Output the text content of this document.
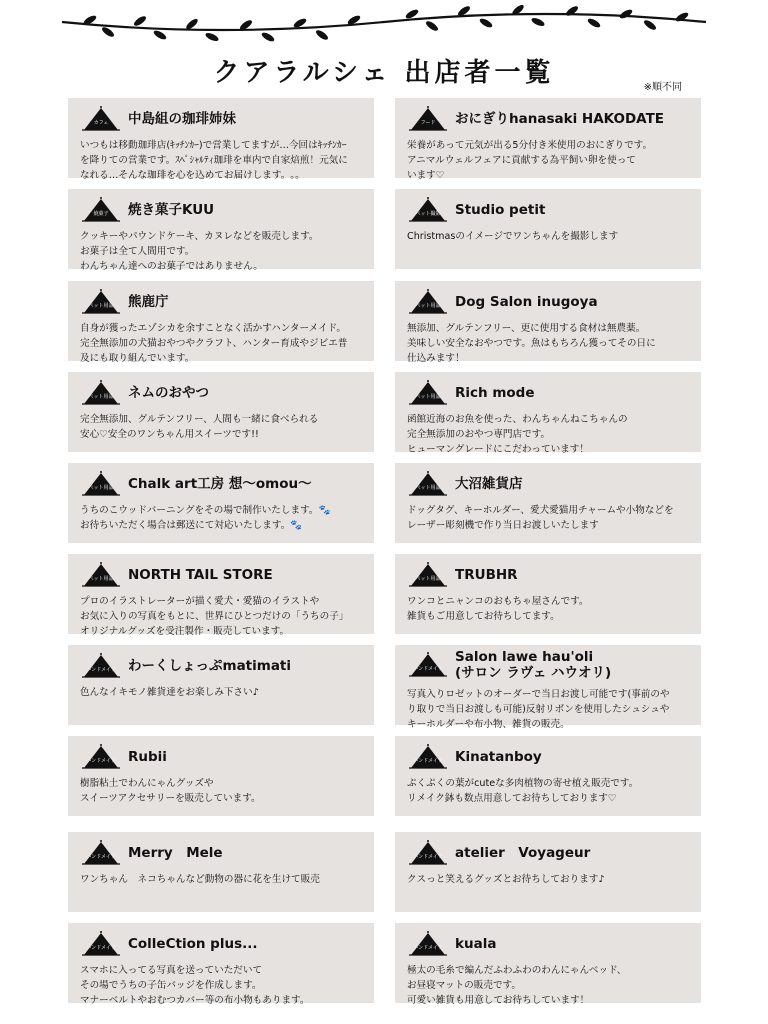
クアラルシェ 出店者一覧	※順不同
カフェ	中島組の珈琲姉妹
いつもは移動珈琲店(ｷｯﾁﾝｶｰ)で営業してますが…今回はｷｯﾁﾝｶｰ
を降りての営業です。ｽﾍﾟｼｬﾙﾃｨ珈琲を車内で自家焙煎！元気に
なれる…そんな珈琲を心を込めてお届けします。｡｡
フード	おにぎりhanasaki HAKODATE
栄養があって元気が出る5分付き米使用のおにぎりです。
アニマルウェルフェアに貢献する為平飼い卵を使って
います♡
焼菓子	焼き菓子KUU
クッキーやパウンドケーキ、カヌレなどを販売します。
お菓子は全て人間用です。
わんちゃん達へのお菓子ではありません。
ペット撮影	Studio petit
Christmasのイメージでワンちゃんを撮影します
ペット用品	熊鹿庁
自身が獲ったエゾシカを余すことなく活かすハンターメイド。
完全無添加の犬猫おやつやクラフト、ハンター育成やジビエ普
及にも取り組んでいます。
ペット用品	Dog Salon inugoya
無添加、グルテンフリー、更に使用する食材は無農薬。
美味しい安全なおやつです。魚はもちろん獲ってその日に
仕込みます！
ペット用品	ネムのおやつ
完全無添加、グルテンフリー、人間も一緒に食べられる
安心♡安全のワンちゃん用スイーツです!!
ペット用品	Rich mode
函館近海のお魚を使った、わんちゃんねこちゃんの
完全無添加のおやつ専門店です。
ヒューマングレードにこだわっています！
ペット用品	Chalk art工房 想～omou～
うちのこウッドバーニングをその場で制作いたします。🐾
お待ちいただく場合は郵送にて対応いたします。🐾
ペット用品	大沼雑貨店
ドッグタグ、キーホルダー、愛犬愛猫用チャームや小物などを
レーザー彫刻機で作り当日お渡しいたします
ペット用品	NORTH TAIL STORE
プロのイラストレーターが描く愛犬・愛猫のイラストや
お気に入りの写真をもとに、世界にひとつだけの「うちの子」
オリジナルグッズを受注製作・販売しています。
ペット用品	TRUBHR
ワンコとニャンコのおもちゃ屋さんです。
雑貨もご用意してお待ちしてます。
ハンドメイド わーくしょっぷmatimati
色んなイキモノ雑貨達をお楽しみ下さい♪
ハンドメイド
Salon lawe hau'oli
(サロン ラヴェ ハウオリ)
写真入りロゼットのオーダーで当日お渡し可能です(事前のや
り取りで当日お渡しも可能)反射リボンを使用したシュシュや
キーホルダーや布小物、雑貨の販売。
ハンドメイド Rubii
樹脂粘土でわんにゃんグッズや
スイーツアクセサリーを販売しています。
ハンドメイド Kinatanboy
ぷくぷくの葉がcuteな多肉植物の寄せ植え販売です。
リメイク鉢も数点用意してお待ちしております♡
ハンドメイド Merry　Mele
ワンちゃん　ネコちゃんなど動物の器に花を生けて販売
ハンドメイド atelier　Voyageur
クスっと笑えるグッズとお待ちしております♪
ハンドメイド ColleCtion plus...
スマホに入ってる写真を送っていただいて
その場でうちの子缶バッジを作成します。
マナーベルトやおむつカバー等の布小物もあります。
ハンドメイド kuala
極太の毛糸で編んだふわふわのわんにゃんベッド、
お昼寝マットの販売です。
可愛い雑貨も用意してお待ちしています！
